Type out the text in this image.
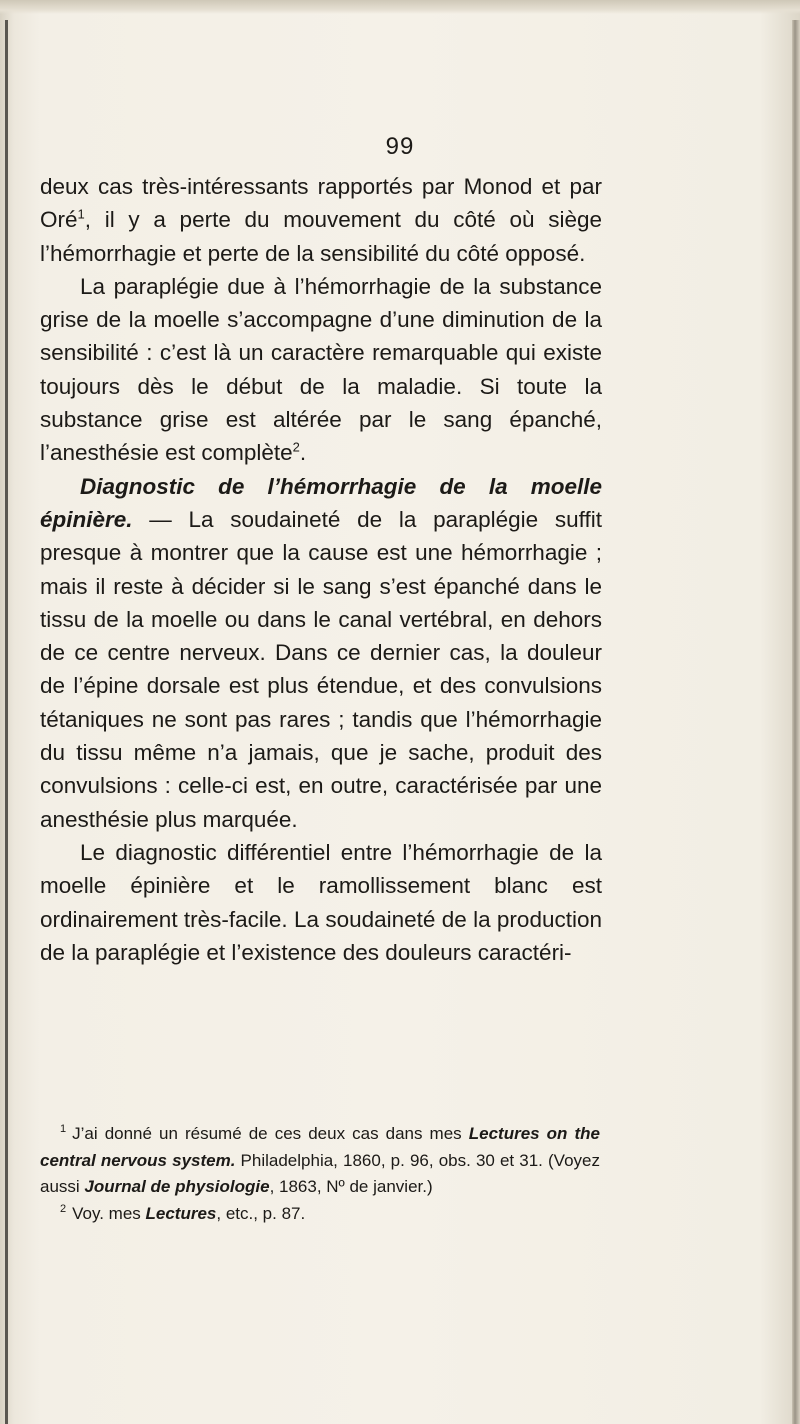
99

deux cas très-intéressants rapportés par Monod et par Oré$^1$, il y a perte du mouvement du côté où siège l’hémorrhagie et perte de la sensibilité du côté opposé.

La paraplégie due à l’hémorrhagie de la substance grise de la moelle s’accompagne d’une diminution de la sensibilité : c’est là un caractère remarquable qui existe toujours dès le début de la maladie. Si toute la substance grise est altérée par le sang épanché, l’anesthésie est complète$^2$.

Diagnostic de l’hémorrhagie de la moelle épinière. — La soudaineté de la paraplégie suffit presque à montrer que la cause est une hémorrhagie ; mais il reste à décider si le sang s’est épanché dans le tissu de la moelle ou dans le canal vertébral, en dehors de ce centre nerveux. Dans ce dernier cas, la douleur de l’épine dorsale est plus étendue, et des convulsions tétaniques ne sont pas rares ; tandis que l’hémorrhagie du tissu même n’a jamais, que je sache, produit des convulsions : celle-ci est, en outre, caractérisée par une anesthésie plus marquée.

Le diagnostic différentiel entre l’hémorrhagie de la moelle épinière et le ramollissement blanc est ordinairement très-facile. La soudaineté de la production de la paraplégie et l’existence des douleurs caractéri-

$^1$ J’ai donné un résumé de ces deux cas dans mes Lectures on the central nervous system. Philadelphia, 1860, p. 96, obs. 30 et 31. (Voyez aussi Journal de physiologie, 1863, Nº de janvier.)

$^2$ Voy. mes Lectures, etc., p. 87.
